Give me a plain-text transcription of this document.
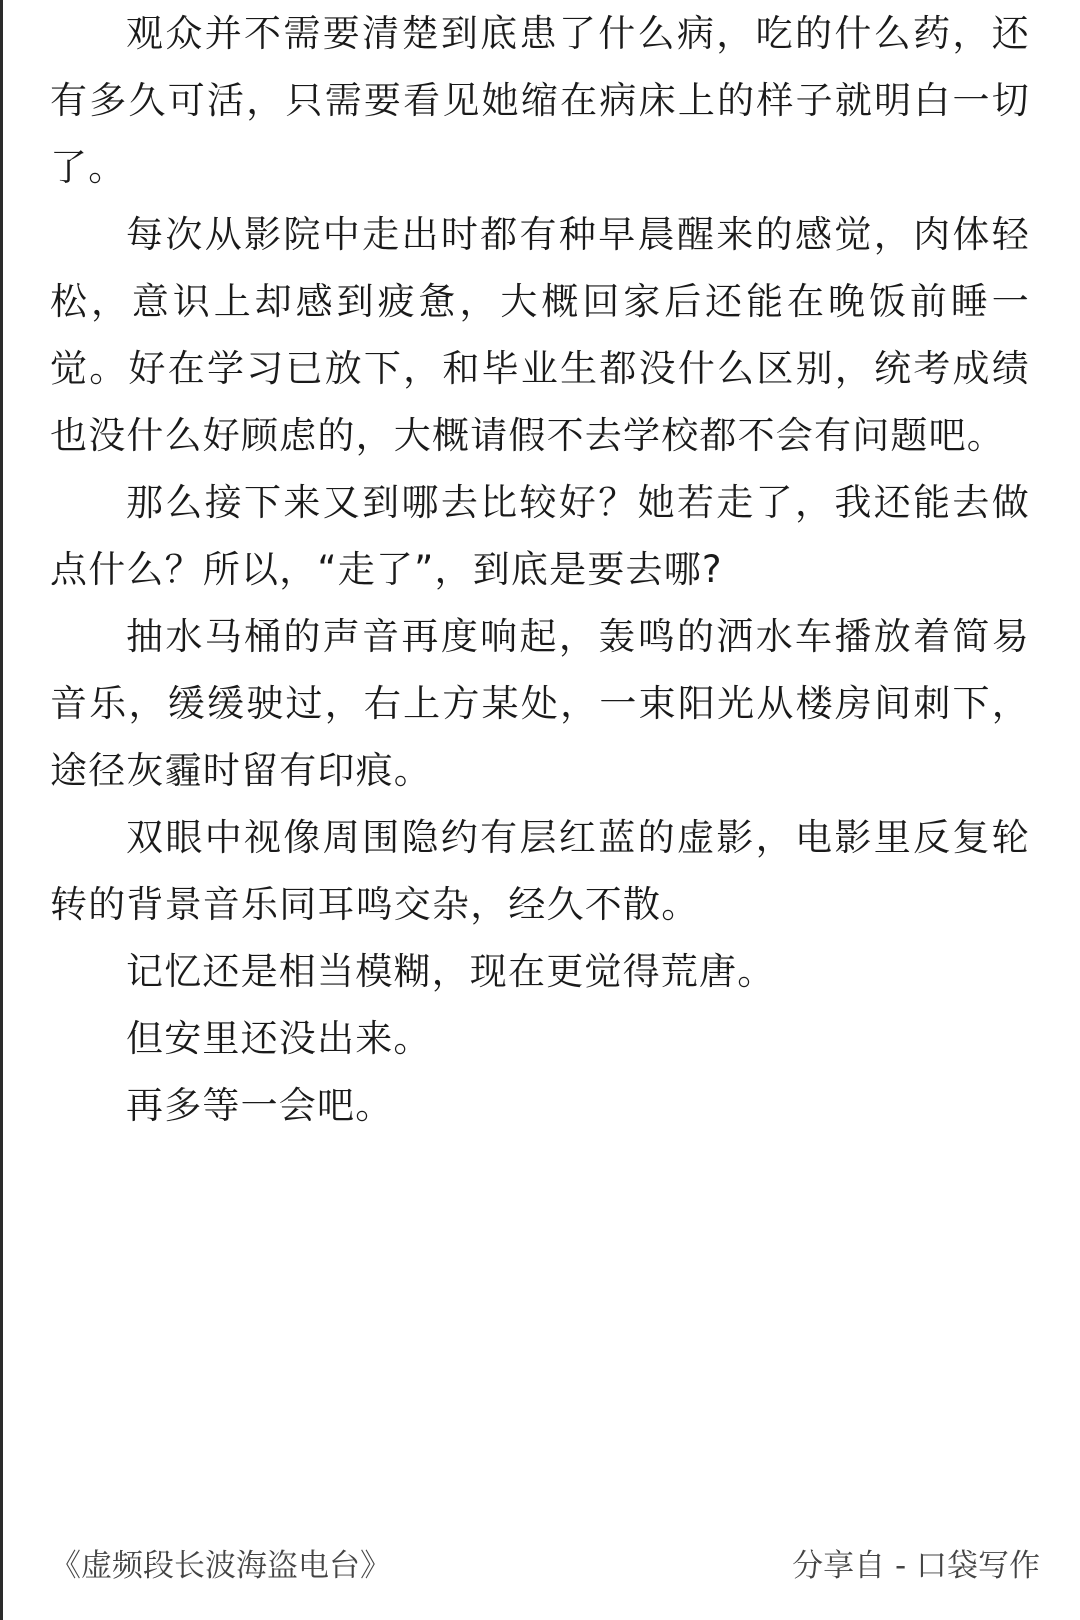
观众并不需要清楚到底患了什么病，吃的什么药，还有多久可活，只需要看见她缩在病床上的样子就明白一切了。

每次从影院中走出时都有种早晨醒来的感觉，肉体轻松，意识上却感到疲惫，大概回家后还能在晚饭前睡一觉。好在学习已放下，和毕业生都没什么区别，统考成绩也没什么好顾虑的，大概请假不去学校都不会有问题吧。

那么接下来又到哪去比较好？她若走了，我还能去做点什么？所以，“走了”，到底是要去哪?

抽水马桶的声音再度响起，轰鸣的洒水车播放着简易音乐，缓缓驶过，右上方某处，一束阳光从楼房间刺下，途径灰霾时留有印痕。

双眼中视像周围隐约有层红蓝的虚影，电影里反复轮转的背景音乐同耳鸣交杂，经久不散。

记忆还是相当模糊，现在更觉得荒唐。

但安里还没出来。

再多等一会吧。

《虚频段长波海盗电台》	分享自 - 口袋写作
